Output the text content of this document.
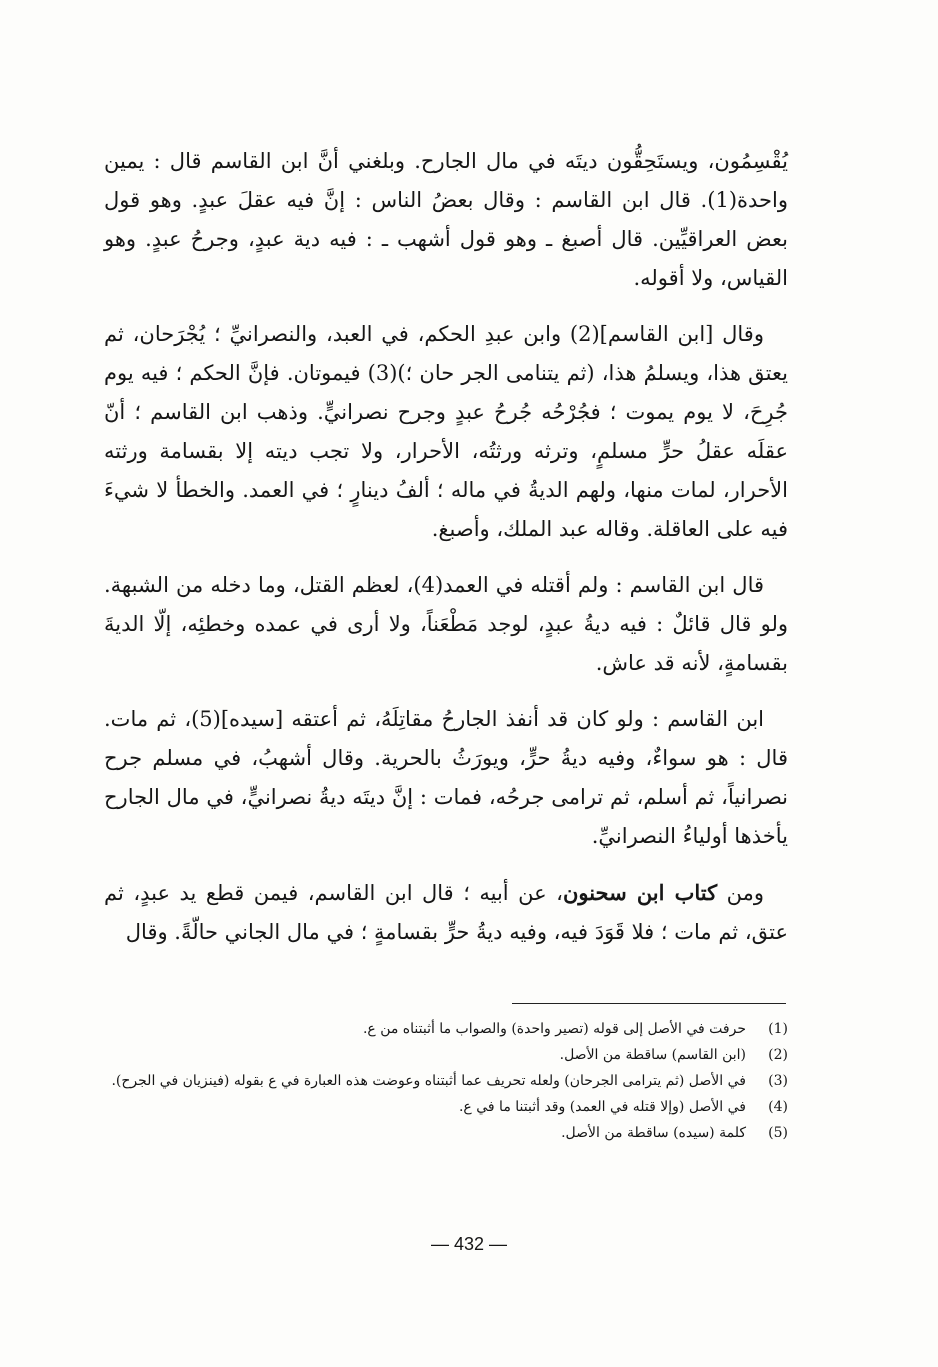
يُقْسِمُون، ويستَحِقُّون ديتَه في مال الجارح. وبلغني أنَّ ابن القاسم قال : يمين واحدة(1). قال ابن القاسم : وقال بعضُ الناس : إنَّ فيه عقلَ عبدٍ. وهو قول بعض العراقيِّين. قال أصبغ ـ وهو قول أشهب ـ : فيه دية عبدٍ، وجرحُ عبدٍ. وهو القياس، ولا أقوله.

وقال [ابن القاسم](2) وابن عبدِ الحكم، في العبد، والنصرانيِّ ؛ يُجْرَحان، ثم يعتق هذا، ويسلمُ هذا، (ثم يتنامى الجر حان ؛)(3) فيموتان. فإنَّ الحكم ؛ فيه يوم جُرِحَ، لا يوم يموت ؛ فجُرْحُه جُرحُ عبدٍ وجرح نصرانيٍّ. وذهب ابن القاسم ؛ أنّ عقلَه عقلُ حرٍّ مسلمٍ، وترثه ورثتُه، الأحرار، ولا تجب ديته إلا بقسامة ورثته الأحرار، لمات منها، ولهم الديةُ في ماله ؛ ألفُ دينارٍ ؛ في العمد. والخطأ لا شيءَ فيه على العاقلة. وقاله عبد الملك، وأصبغ.

قال ابن القاسم : ولم أقتله في العمد(4)، لعظم القتل، وما دخله من الشبهة. ولو قال قائلٌ : فيه ديةُ عبدٍ، لوجد مَطْعَناً، ولا أرى في عمده وخطئِه، إلّا الديةَ بقسامةٍ، لأنه قد عاش.

ابن القاسم : ولو كان قد أنفذ الجارحُ مقاتِلَهُ، ثم أعتقه [سيده](5)، ثم مات. قال : هو سواءٌ، وفيه ديةُ حرٍّ، ويورَثُ بالحرية. وقال أشهبُ، في مسلم جرح نصرانياً، ثم أسلم، ثم ترامى جرحُه، فمات : إنَّ ديتَه ديةُ نصرانيٍّ، في مال الجارح يأخذها أولياءُ النصرانيِّ.

ومن كتاب ابن سحنون، عن أبيه ؛ قال ابن القاسم، فيمن قطع يد عبدٍ، ثم عتق، ثم مات ؛ فلا قَوَدَ فيه، وفيه ديةُ حرٍّ بقسامةٍ ؛ في مال الجاني حالّةً. وقال

(1)
حرفت في الأصل إلى قوله (تصير واحدة) والصواب ما أثبتناه من ع.
(2)
(ابن القاسم) ساقطة من الأصل.
(3)
في الأصل (ثم يترامى الجرحان) ولعله تحريف عما أثبتناه وعوضت هذه العبارة في ع بقوله (فينزيان في الجرح).
(4)
في الأصل (وإلا قتله في العمد) وقد أثبتنا ما في ع.
(5)
كلمة (سيده) ساقطة من الأصل.
— 432 —
